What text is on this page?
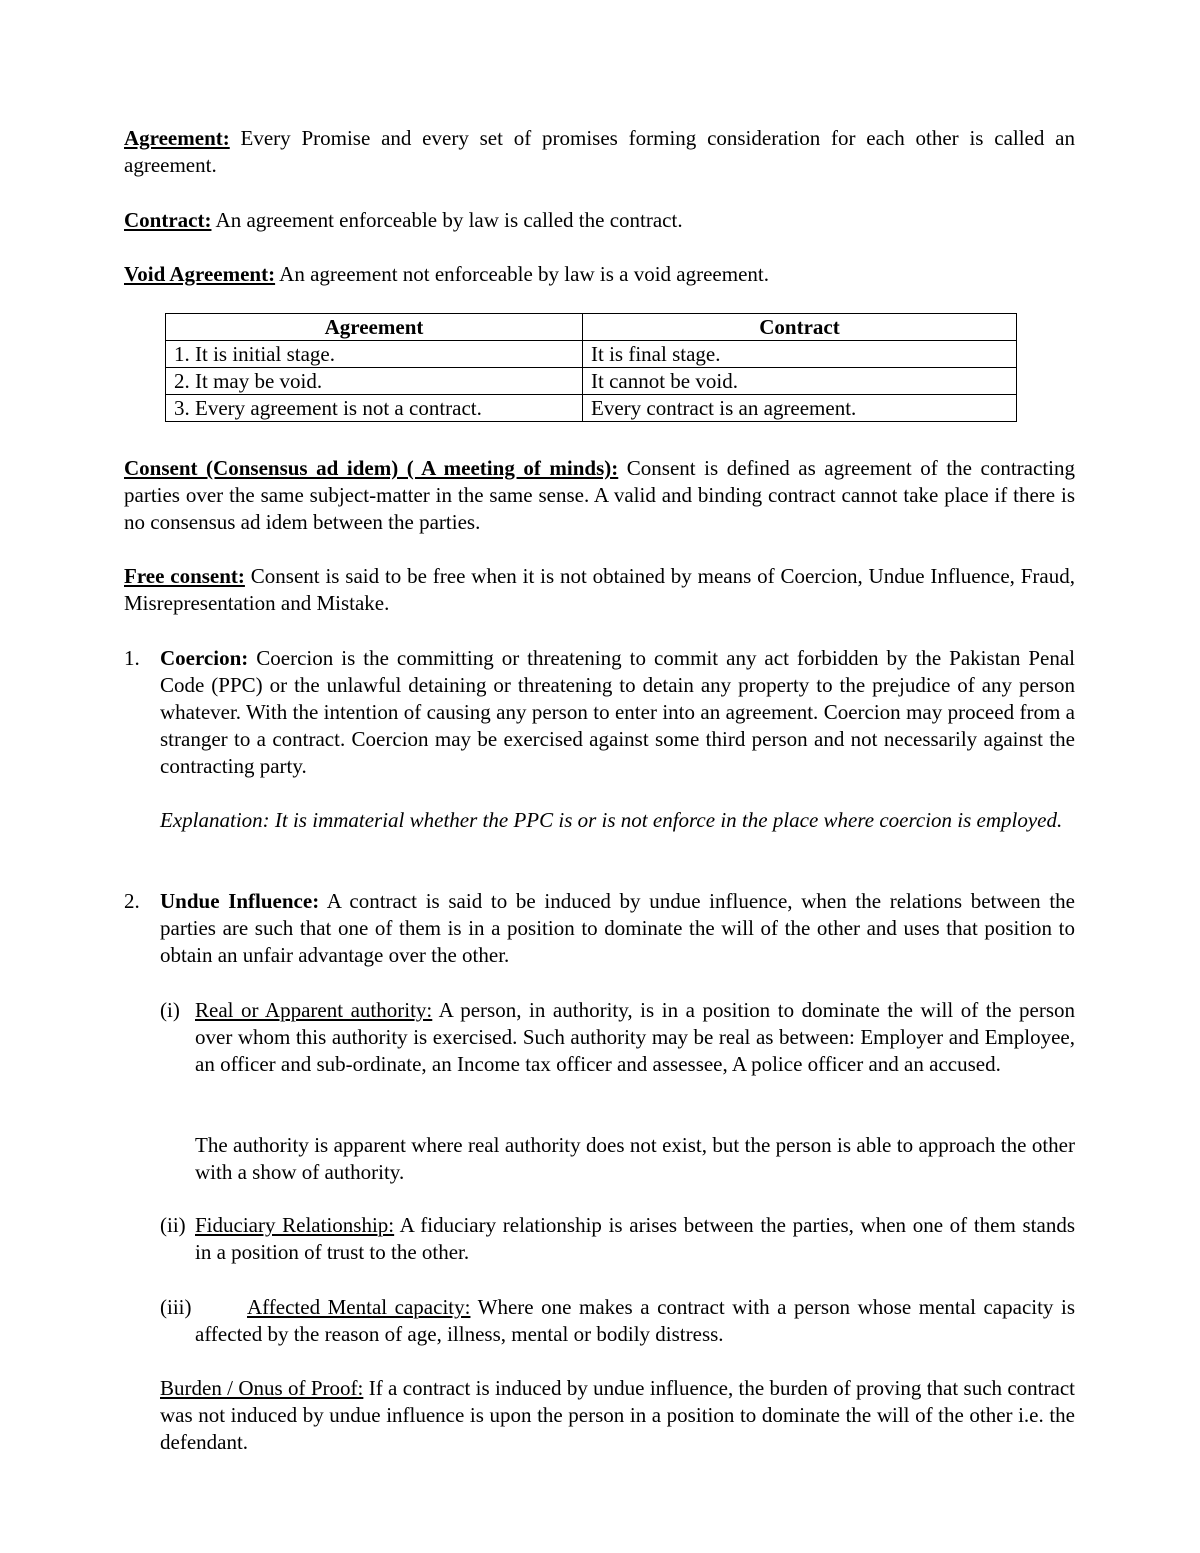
Agreement: Every Promise and every set of promises forming consideration for each other is called an agreement.

Contract: An agreement enforceable by law is called the contract.

Void Agreement: An agreement not enforceable by law is a void agreement.

Agreement	Contract
1. It is initial stage.	It is final stage.
2. It may be void.	It cannot be void.
3. Every agreement is not a contract.	Every contract is an agreement.

Consent (Consensus ad idem) ( A meeting of minds): Consent is defined as agreement of the contracting parties over the same subject-matter in the same sense. A valid and binding contract cannot take place if there is no consensus ad idem between the parties.

Free consent: Consent is said to be free when it is not obtained by means of Coercion, Undue Influence, Fraud, Misrepresentation and Mistake.

1. Coercion: Coercion is the committing or threatening to commit any act forbidden by the Pakistan Penal Code (PPC) or the unlawful detaining or threatening to detain any property to the prejudice of any person whatever. With the intention of causing any person to enter into an agreement. Coercion may proceed from a stranger to a contract. Coercion may be exercised against some third person and not necessarily against the contracting party.

Explanation: It is immaterial whether the PPC is or is not enforce in the place where coercion is employed.

2. Undue Influence: A contract is said to be induced by undue influence, when the relations between the parties are such that one of them is in a position to dominate the will of the other and uses that position to obtain an unfair advantage over the other.

(i) Real or Apparent authority: A person, in authority, is in a position to dominate the will of the person over whom this authority is exercised. Such authority may be real as between: Employer and Employee, an officer and sub-ordinate, an Income tax officer and assessee, A police officer and an accused.

The authority is apparent where real authority does not exist, but the person is able to approach the other with a show of authority.

(ii) Fiduciary Relationship: A fiduciary relationship is arises between the parties, when one of them stands in a position of trust to the other.

(iii)	Affected Mental capacity: Where one makes a contract with a person whose mental capacity is affected by the reason of age, illness, mental or bodily distress.

Burden / Onus of Proof: If a contract is induced by undue influence, the burden of proving that such contract was not induced by undue influence is upon the person in a position to dominate the will of the other i.e. the defendant.
